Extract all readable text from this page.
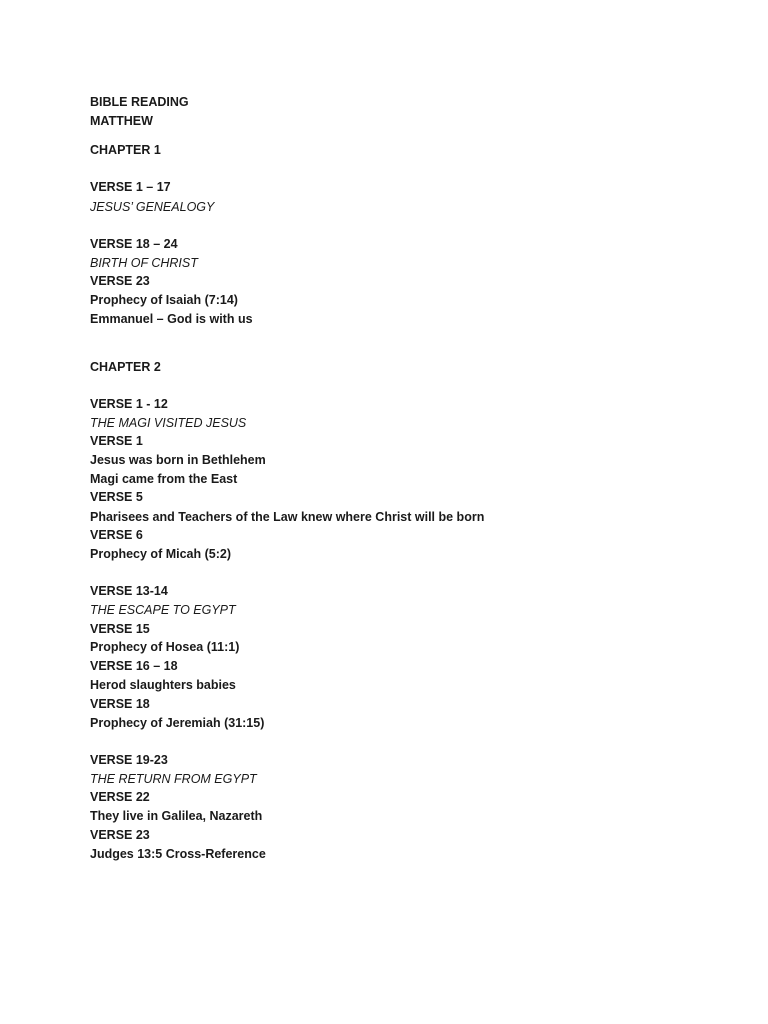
BIBLE READING
MATTHEW
CHAPTER 1
VERSE 1 – 17
JESUS’ GENEALOGY
VERSE 18 – 24
BIRTH OF CHRIST
VERSE 23
Prophecy of Isaiah (7:14)
Emmanuel – God is with us
CHAPTER 2
VERSE 1 - 12
THE MAGI VISITED JESUS
VERSE 1
Jesus was born in Bethlehem
Magi came from the East
VERSE 5
Pharisees and Teachers of the Law knew where Christ will be born
VERSE 6
Prophecy of Micah (5:2)
VERSE 13-14
THE ESCAPE TO EGYPT
VERSE 15
Prophecy of Hosea (11:1)
VERSE 16 – 18
Herod slaughters babies
VERSE 18
Prophecy of Jeremiah (31:15)
VERSE 19-23
THE RETURN FROM EGYPT
VERSE 22
They live in Galilea, Nazareth
VERSE 23
Judges 13:5 Cross-Reference
